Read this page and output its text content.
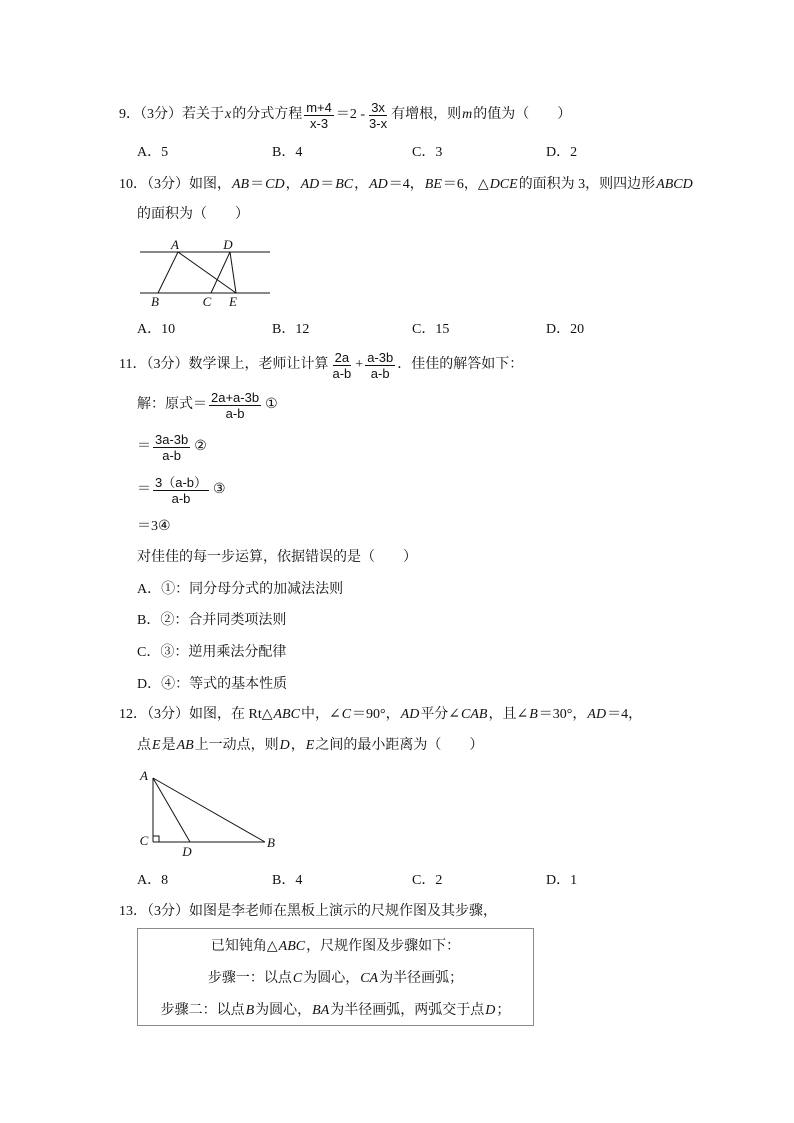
9．（3分）若关于 x 的分式方程 $\frac{m+4}{x-3} =2 - \frac{3x}{3-x}$ 有增根，则 m 的值为（　　）
A．5	B．4	C．3	D．2
10．（3分）如图， AB ＝ CD ， AD ＝ BC ， AD ＝4， BE ＝6，△ DCE 的面积为 3，则四边形 ABCD
的面积为（　　）
A	D
B	C E
A．10	B．12	C．15	D．20
11．（3分）数学课上，老师让计算 $\frac{2a}{a-b} + \frac{a-3b}{a-b}$ ．佳佳的解答如下：
解：原式＝ $\frac{2a+a-3b}{a-b}$ ①
＝ $\frac{3a-3b}{a-b}$ ②
＝ $\frac{3(a-b)}{a-b}$ ③
＝3 ④
对佳佳的每一步运算，依据错误的是（　　）
A．①：同分母分式的加减法法则
B．②：合并同类项法则
C．③：逆用乘法分配律
D．④：等式的基本性质
12．（3分）如图，在 Rt△ ABC 中，∠ C ＝90°， AD 平分∠ CAB ，且∠ B ＝30°， AD ＝4，
点 E 是 AB 上一动点，则 D ， E 之间的最小距离为（　　）
A
C
D
B
A．8	B．4	C．2	D．1
13．（3分）如图是李老师在黑板上演示的尺规作图及其步骤，
已知钝角△ ABC ，尺规作图及步骤如下：
步骤一：以点 C 为圆心， CA 为半径画弧；
步骤二：以点 B 为圆心， BA 为半径画弧，两弧交于点 D ；
